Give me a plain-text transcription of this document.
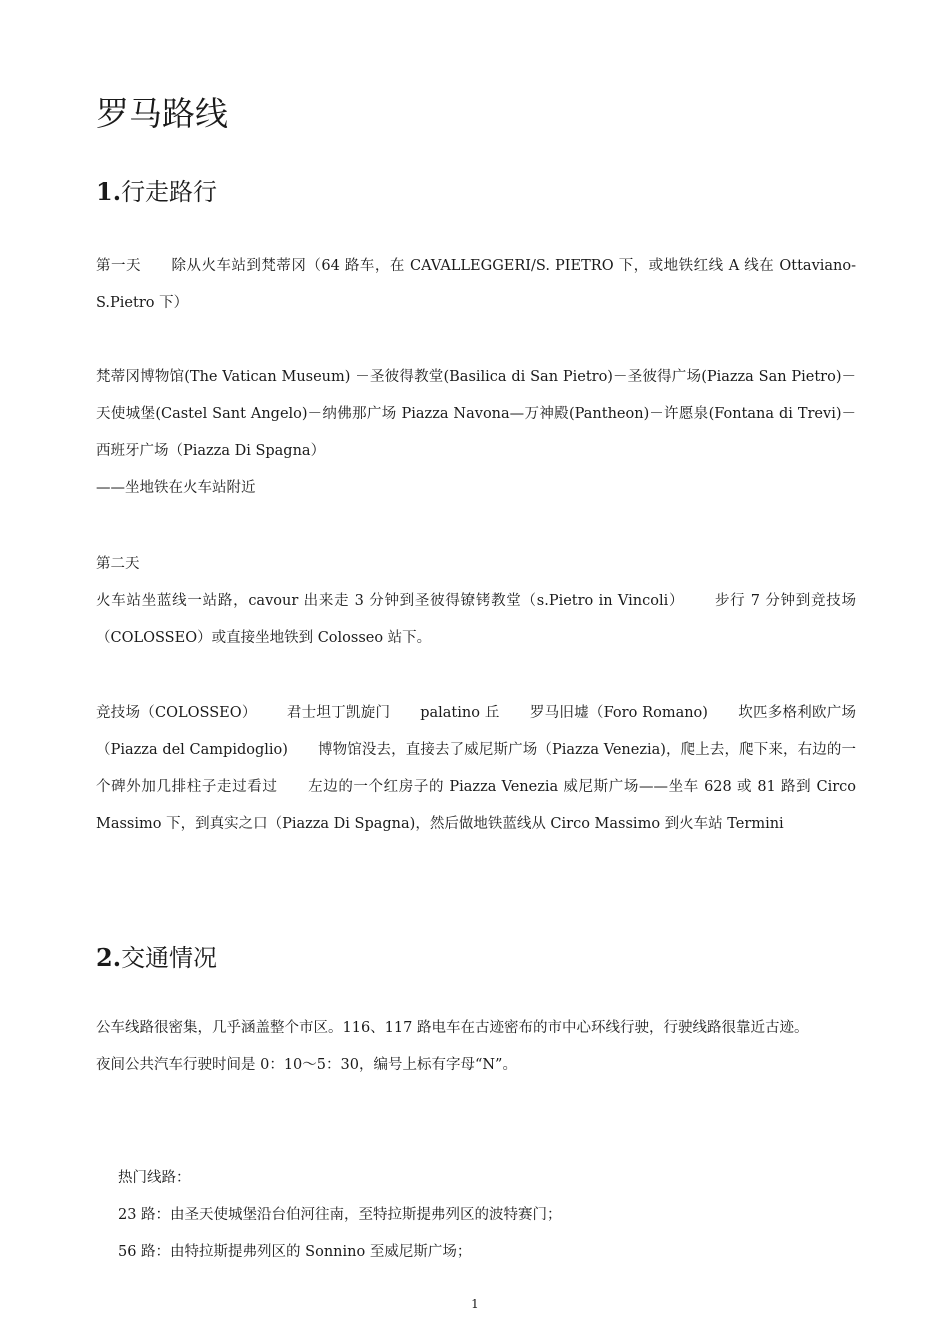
罗马路线
1.行走路行

第一天 除从火车站到梵蒂冈（64 路车，在 CAVALLEGGERI/S. PIETRO 下，或地铁红线 A 线在 Ottaviano-S.Pietro 下）

梵蒂冈博物馆(The Vatican Museum) －圣彼得教堂(Basilica di San Pietro)－圣彼得广场(Piazza San Pietro)－天使城堡(Castel Sant Angelo)－纳佛那广场 Piazza Navona—万神殿(Pantheon)－许愿泉(Fontana di Trevi)－西班牙广场（Piazza Di Spagna）
——坐地铁在火车站附近

第二天

火车站坐蓝线一站路，cavour 出来走 3 分钟到圣彼得镣铐教堂（s.Pietro in Vincoli） 步行 7 分钟到竞技场（COLOSSEO）或直接坐地铁到 Colosseo 站下。

竞技场（COLOSSEO） 君士坦丁凯旋门 palatino 丘 罗马旧墟（Foro Romano) 坎匹多格利欧广场（Piazza del Campidoglio) 博物馆没去，直接去了威尼斯广场（Piazza Venezia)，爬上去，爬下来，右边的一个碑外加几排柱子走过看过 左边的一个红房子的 Piazza Venezia 威尼斯广场——坐车 628 或 81 路到 Circo Massimo 下，到真实之口（Piazza Di Spagna)，然后做地铁蓝线从 Circo Massimo 到火车站 Termini

2.交通情况

公车线路很密集，几乎涵盖整个市区。116、117 路电车在古迹密布的市中心环线行驶，行驶线路很靠近古迹。
夜间公共汽车行驶时间是 0：10～5：30，编号上标有字母“N”。

热门线路：
23 路：由圣天使城堡沿台伯河往南，至特拉斯提弗列区的波特赛门；
56 路：由特拉斯提弗列区的 Sonnino 至威尼斯广场；
1
